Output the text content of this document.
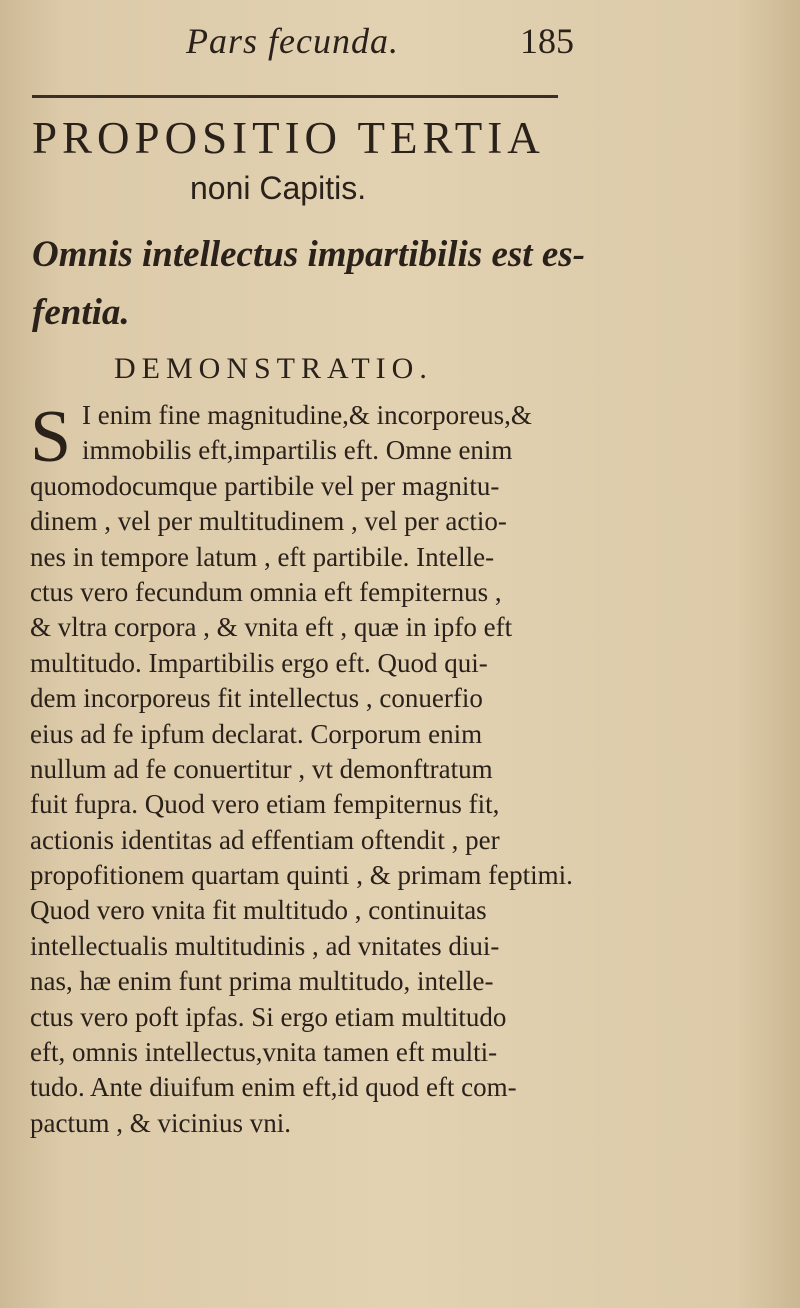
Pars fecunda.	185
PROPOSITIO TERTIA
noni Capitis.
Omnis intellectus impartibilis est es-
fentia.
DEMONSTRATIO.
S I enim fine magnitudine,& incorporeus,&
immobilis eft,impartilis eft. Omne enim
quomodocumque partibile vel per magnitu-
dinem , vel per multitudinem , vel per actio-
nes in tempore latum , eft partibile. Intelle-
ctus vero fecundum omnia eft fempiternus ,
& vltra corpora , & vnita eft , quæ in ipfo eft
multitudo. Impartibilis ergo eft. Quod qui-
dem incorporeus fit intellectus , conuerfio
eius ad fe ipfum declarat. Corporum enim
nullum ad fe conuertitur , vt demonftratum
fuit fupra. Quod vero etiam fempiternus fit,
actionis identitas ad effentiam oftendit , per
propofitionem quartam quinti , & primam feptimi.
Quod vero vnita fit multitudo , continuitas
intellectualis multitudinis , ad vnitates diui-
nas, hæ enim funt prima multitudo, intelle-
ctus vero poft ipfas. Si ergo etiam multitudo
eft, omnis intellectus,vnita tamen eft multi-
tudo. Ante diuifum enim eft,id quod eft com-
pactum , & vicinius vni.
